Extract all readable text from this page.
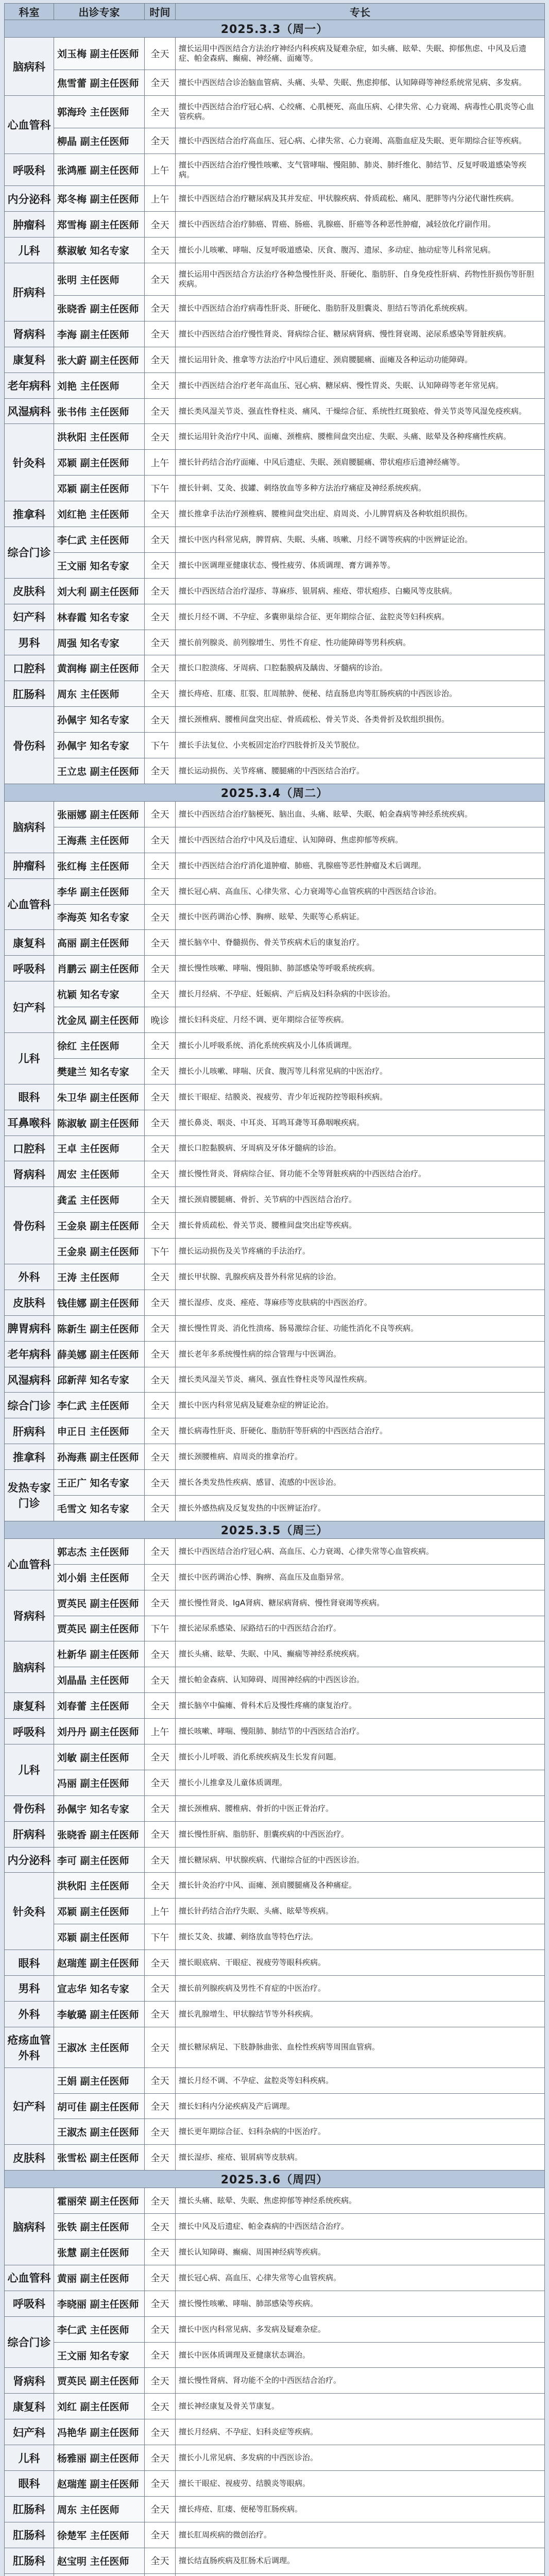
科室	出诊专家	时间	专长
2025.3.3（周一）			
脑病科	刘玉梅 副主任医师	全天	擅长运用中西医结合方法治疗神经内科疾病及疑难杂症，如头痛、眩晕、失眠、抑郁焦虑、中风及后遗症、帕金森病、癫痫、神经痛、面瘫等。
	焦雪蕾 副主任医师	全天	擅长中西医结合诊治脑血管病、头痛、头晕、失眠、焦虑抑郁、认知障碍等神经系统常见病、多发病。
心血管科	郭海玲 主任医师	全天	擅长中西医结合治疗冠心病、心绞痛、心肌梗死、高血压病、心律失常、心力衰竭、病毒性心肌炎等心血管疾病。
	柳晶 副主任医师	全天	擅长中西医结合治疗高血压、冠心病、心律失常、心力衰竭、高脂血症及失眠、更年期综合征等疾病。
呼吸科	张鸿雁 副主任医师	上午	擅长中西医结合治疗慢性咳嗽、支气管哮喘、慢阻肺、肺炎、肺纤维化、肺结节、反复呼吸道感染等疾病。
内分泌科	郑冬梅 副主任医师	上午	擅长中西医结合治疗糖尿病及其并发症、甲状腺疾病、骨质疏松、痛风、肥胖等内分泌代谢性疾病。
肿瘤科	郑雪梅 副主任医师	全天	擅长中西医结合治疗肺癌、胃癌、肠癌、乳腺癌、肝癌等各种恶性肿瘤，减轻放化疗副作用。
儿科	蔡淑敏 知名专家	全天	擅长小儿咳嗽、哮喘、反复呼吸道感染、厌食、腹泻、遗尿、多动症、抽动症等儿科常见病。
肝病科	张明 主任医师	全天	擅长运用中西医结合方法治疗各种急慢性肝炎、肝硬化、脂肪肝、自身免疫性肝病、药物性肝损伤等肝胆疾病。
	张晓香 副主任医师	全天	擅长中西医结合治疗病毒性肝炎、肝硬化、脂肪肝及胆囊炎、胆结石等消化系统疾病。
肾病科	李海 副主任医师	全天	擅长中西医结合治疗慢性肾炎、肾病综合征、糖尿病肾病、慢性肾衰竭、泌尿系感染等肾脏疾病。
康复科	张大蔚 副主任医师	全天	擅长运用针灸、推拿等方法治疗中风后遗症、颈肩腰腿痛、面瘫及各种运动功能障碍。
老年病科	刘艳 主任医师	全天	擅长中西医结合治疗老年高血压、冠心病、糖尿病、慢性胃炎、失眠、认知障碍等老年常见病。
风湿病科	张书伟 主任医师	全天	擅长类风湿关节炎、强直性脊柱炎、痛风、干燥综合征、系统性红斑狼疮、骨关节炎等风湿免疫疾病。
针灸科	洪秋阳 主任医师	全天	擅长运用针灸治疗中风、面瘫、颈椎病、腰椎间盘突出症、失眠、头痛、眩晕及各种疼痛性疾病。
	邓颖 副主任医师	上午	擅长针药结合治疗面瘫、中风后遗症、失眠、颈肩腰腿痛、带状疱疹后遗神经痛等。
	邓颖 副主任医师	下午	擅长针刺、艾灸、拔罐、刺络放血等多种方法治疗痛症及神经系统疾病。
推拿科	刘红艳 主任医师	全天	擅长推拿手法治疗颈椎病、腰椎间盘突出症、肩周炎、小儿脾胃病及各种软组织损伤。
综合门诊	李仁武 主任医师	全天	擅长中医内科常见病，脾胃病、失眠、头痛、咳嗽、月经不调等疾病的中医辨证论治。
	王文丽 知名专家	全天	擅长中医调理亚健康状态、慢性疲劳、体质调理、膏方调养等。
皮肤科	刘大利 副主任医师	全天	擅长中西医结合治疗湿疹、荨麻疹、银屑病、痤疮、带状疱疹、白癜风等皮肤病。
妇产科	林春霞 知名专家	全天	擅长月经不调、不孕症、多囊卵巢综合征、更年期综合征、盆腔炎等妇科疾病。
男科	周强 知名专家	全天	擅长前列腺炎、前列腺增生、男性不育症、性功能障碍等男科疾病。
口腔科	黄润梅 副主任医师	全天	擅长口腔溃疡、牙周病、口腔黏膜病及龋齿、牙髓病的诊治。
肛肠科	周东 主任医师	全天	擅长痔疮、肛瘘、肛裂、肛周脓肿、便秘、结直肠息肉等肛肠疾病的中西医诊治。
骨伤科	孙佩宇 知名专家	全天	擅长颈椎病、腰椎间盘突出症、骨质疏松、骨关节炎、各类骨折及软组织损伤。
	孙佩宇 知名专家	下午	擅长手法复位、小夹板固定治疗四肢骨折及关节脱位。
	王立忠 副主任医师	全天	擅长运动损伤、关节疼痛、腰腿痛的中西医结合治疗。
2025.3.4（周二）			
脑病科	张丽娜 副主任医师	全天	擅长中西医结合治疗脑梗死、脑出血、头痛、眩晕、失眠、帕金森病等神经系统疾病。
	王海燕 主任医师	全天	擅长中西医结合治疗中风及后遗症、认知障碍、焦虑抑郁等疾病。
肿瘤科	张红梅 主任医师	全天	擅长中西医结合治疗消化道肿瘤、肺癌、乳腺癌等恶性肿瘤及术后调理。
心血管科	李华 副主任医师	全天	擅长冠心病、高血压、心律失常、心力衰竭等心血管疾病的中西医结合诊治。
	李海英 知名专家	全天	擅长中医药调治心悸、胸痹、眩晕、失眠等心系病证。
康复科	高丽 副主任医师	全天	擅长脑卒中、脊髓损伤、骨关节疾病术后的康复治疗。
呼吸科	肖鹏云 副主任医师	全天	擅长慢性咳嗽、哮喘、慢阻肺、肺部感染等呼吸系统疾病。
妇产科	杭颖 知名专家	全天	擅长月经病、不孕症、妊娠病、产后病及妇科杂病的中医诊治。
	沈金凤 副主任医师	晚诊	擅长妇科炎症、月经不调、更年期综合征等疾病。
儿科	徐红 主任医师	全天	擅长小儿呼吸系统、消化系统疾病及小儿体质调理。
	樊建兰 知名专家	全天	擅长小儿咳嗽、哮喘、厌食、腹泻等儿科常见病的中医治疗。
眼科	朱卫华 副主任医师	全天	擅长干眼症、结膜炎、视疲劳、青少年近视防控等眼科疾病。
耳鼻喉科	陈淑敏 副主任医师	全天	擅长鼻炎、咽炎、中耳炎、耳鸣耳聋等耳鼻咽喉疾病。
口腔科	王卓 主任医师	全天	擅长口腔黏膜病、牙周病及牙体牙髓病的诊治。
肾病科	周宏 主任医师	全天	擅长慢性肾炎、肾病综合征、肾功能不全等肾脏疾病的中西医结合治疗。
骨伤科	龚孟 主任医师	全天	擅长颈肩腰腿痛、骨折、关节病的中西医结合治疗。
	王金泉 副主任医师	全天	擅长骨质疏松、骨关节炎、腰椎间盘突出症等疾病。
	王金泉 副主任医师	下午	擅长运动损伤及关节疼痛的手法治疗。
外科	王涛 主任医师	全天	擅长甲状腺、乳腺疾病及普外科常见病的诊治。
皮肤科	钱佳娜 副主任医师	全天	擅长湿疹、皮炎、痤疮、荨麻疹等皮肤病的中西医治疗。
脾胃病科	陈新生 副主任医师	全天	擅长慢性胃炎、消化性溃疡、肠易激综合征、功能性消化不良等疾病。
老年病科	薛美娜 副主任医师	全天	擅长老年多系统慢性病的综合管理与中医调治。
风湿病科	邱新萍 知名专家	全天	擅长类风湿关节炎、痛风、强直性脊柱炎等风湿性疾病。
综合门诊	李仁武 主任医师	全天	擅长中医内科常见病及疑难杂症的辨证论治。
肝病科	申正日 主任医师	全天	擅长病毒性肝炎、肝硬化、脂肪肝等肝病的中西医结合治疗。
推拿科	孙海燕 副主任医师	全天	擅长颈腰椎病、肩周炎的推拿治疗。
发热专家门诊	王正广 知名专家	全天	擅长各类发热性疾病、感冒、流感的中医诊治。
	毛雪文 知名专家	全天	擅长外感热病及反复发热的中医辨证治疗。
2025.3.5（周三）			
心血管科	郭志杰 主任医师	全天	擅长中西医结合治疗冠心病、高血压、心力衰竭、心律失常等心血管疾病。
	刘小娟 主任医师	全天	擅长中医药调治心悸、胸痹、高血压及血脂异常。
肾病科	贾英民 副主任医师	全天	擅长慢性肾炎、IgA肾病、糖尿病肾病、慢性肾衰竭等疾病。
	贾英民 副主任医师	下午	擅长泌尿系感染、尿路结石的中西医结合治疗。
脑病科	杜新华 副主任医师	全天	擅长头痛、眩晕、失眠、中风、癫痫等神经系统疾病。
	刘晶晶 主任医师	全天	擅长帕金森病、认知障碍、周围神经病的中西医诊治。
康复科	刘春蕾 主任医师	全天	擅长脑卒中偏瘫、骨科术后及慢性疼痛的康复治疗。
呼吸科	刘丹丹 副主任医师	上午	擅长咳嗽、哮喘、慢阻肺、肺结节的中西医结合治疗。
儿科	刘敏 副主任医师	全天	擅长小儿呼吸、消化系统疾病及生长发育问题。
	冯丽 副主任医师	全天	擅长小儿推拿及儿童体质调理。
骨伤科	孙佩宇 知名专家	全天	擅长颈椎病、腰椎病、骨折的中医正骨治疗。
肝病科	张晓香 副主任医师	全天	擅长慢性肝病、脂肪肝、胆囊疾病的中西医治疗。
内分泌科	李可 副主任医师	全天	擅长糖尿病、甲状腺疾病、代谢综合征的中西医诊治。
针灸科	洪秋阳 主任医师	全天	擅长针灸治疗中风、面瘫、颈肩腰腿痛及各种痛症。
	邓颖 副主任医师	上午	擅长针药结合治疗失眠、头痛、眩晕等疾病。
	邓颖 副主任医师	下午	擅长艾灸、拔罐、刺络放血等特色疗法。
眼科	赵瑞莲 副主任医师	全天	擅长眼底病、干眼症、视疲劳等眼科疾病。
男科	宣志华 知名专家	全天	擅长前列腺疾病及男性不育症的中医治疗。
外科	李敏璐 副主任医师	全天	擅长乳腺增生、甲状腺结节等外科疾病。
疮疡血管外科	王淑冰 主任医师	全天	擅长糖尿病足、下肢静脉曲张、血栓性疾病等周围血管病。
妇产科	王娟 副主任医师	全天	擅长月经不调、不孕症、盆腔炎等妇科疾病。
	胡可佳 副主任医师	全天	擅长妇科内分泌疾病及产后调理。
	王淑杰 副主任医师	全天	擅长更年期综合征、妇科杂病的中医治疗。
皮肤科	张雪松 副主任医师	全天	擅长湿疹、痤疮、银屑病等皮肤病。
2025.3.6（周四）			
脑病科	霍丽荣 副主任医师	全天	擅长头痛、眩晕、失眠、焦虑抑郁等神经系统疾病。
	张铁 副主任医师	全天	擅长中风及后遗症、帕金森病的中西医结合治疗。
	张慧 副主任医师	全天	擅长认知障碍、癫痫、周围神经病等疾病。
心血管科	黄丽 副主任医师	全天	擅长冠心病、高血压、心律失常等心血管疾病。
呼吸科	李晓丽 副主任医师	全天	擅长慢性咳嗽、哮喘、肺部感染等疾病。
综合门诊	李仁武 主任医师	全天	擅长中医内科常见病、多发病及疑难杂症。
	王文丽 知名专家	全天	擅长中医体质调理及亚健康状态调治。
肾病科	贾英民 副主任医师	全天	擅长慢性肾病、肾功能不全的中西医结合治疗。
康复科	刘红 副主任医师	全天	擅长神经康复及骨关节康复。
妇产科	冯艳华 副主任医师	全天	擅长月经病、不孕症、妇科炎症等疾病。
儿科	杨雅丽 副主任医师	全天	擅长小儿常见病、多发病的中西医诊治。
眼科	赵瑞莲 副主任医师	全天	擅长干眼症、视疲劳、结膜炎等眼病。
肛肠科	周东 主任医师	全天	擅长痔疮、肛瘘、便秘等肛肠疾病。
肛肠科	徐楚军 主任医师	全天	擅长肛周疾病的微创治疗。
肛肠科	赵宝明 主任医师	全天	擅长结直肠疾病及肛肠术后调理。
